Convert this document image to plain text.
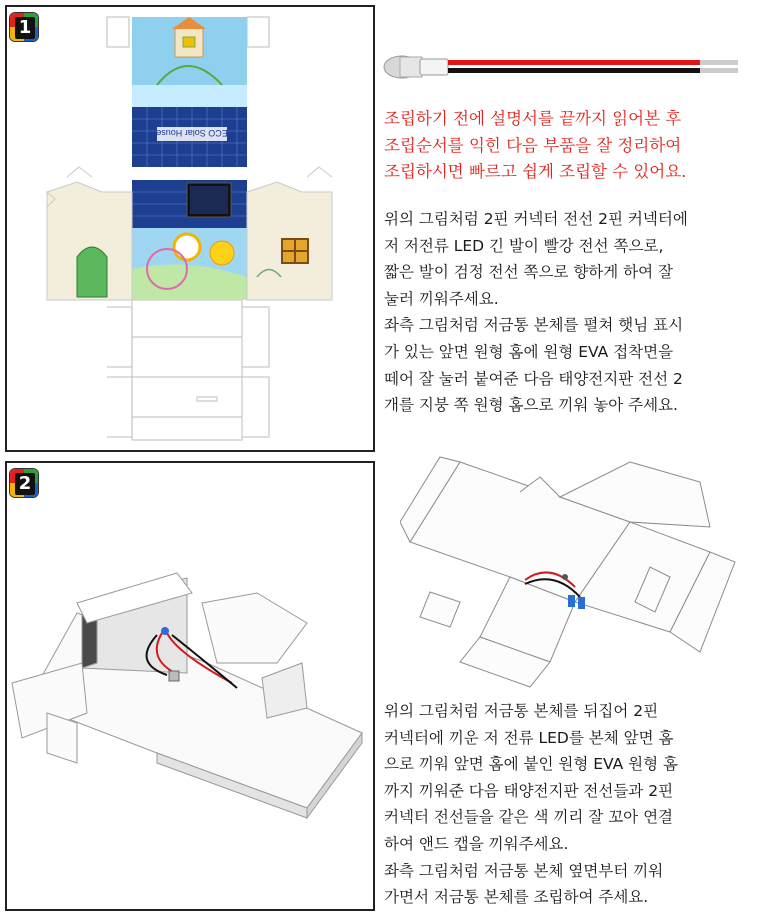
1
ECO Solar House
조립하기 전에 설명서를 끝까지 읽어본 후
조립순서를 익힌 다음 부품을 잘 정리하여
조립하시면 빠르고 쉽게 조립할 수 있어요.
위의 그림처럼 2핀 커넥터 전선 2핀 커넥터에
저 저전류 LED 긴 발이 빨강 전선 쪽으로,
짧은 발이 검정 전선 쪽으로 향하게 하여 잘
눌러 끼워주세요.
좌측 그림처럼 저금통 본체를 펼쳐 햇님 표시
가 있는 앞면 원형 홈에 원형 EVA 접착면을
떼어 잘 눌러 붙여준 다음 태양전지판 전선 2
개를 지붕 쪽 원형 홈으로 끼워 놓아 주세요.
2
위의 그림처럼 저금통 본체를 뒤집어 2핀
커넥터에 끼운 저 전류 LED를 본체 앞면 홈
으로 끼워 앞면 홈에 붙인 원형 EVA 원형 홈
까지 끼워준 다음 태양전지판 전선들과 2핀
커넥터 전선들을 같은 색 끼리 잘 꼬아 연결
하여 앤드 캡을 끼워주세요.
좌측 그림처럼 저금통 본체 옆면부터 끼워
가면서 저금통 본체를 조립하여 주세요.
